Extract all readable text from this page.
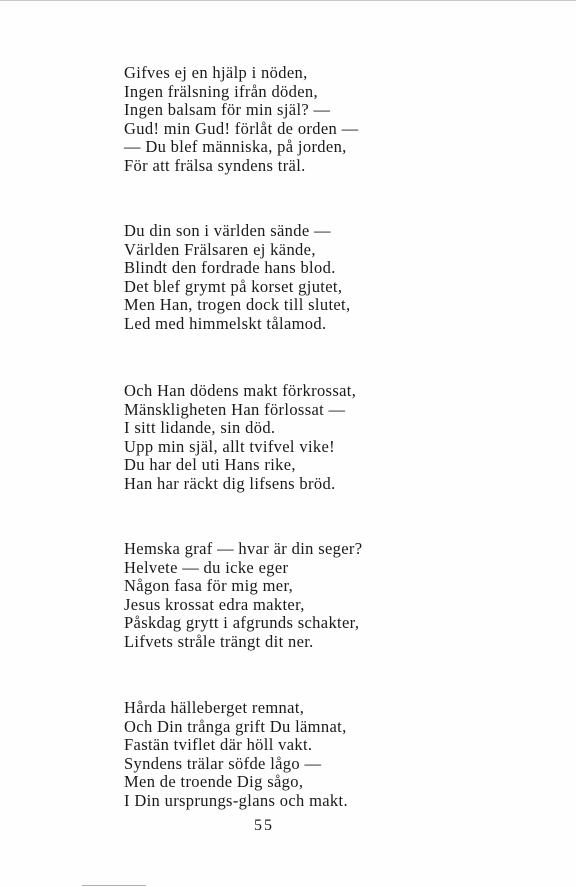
Gifves ej en hjälp i nöden,
Ingen frälsning ifrån döden,
Ingen balsam för min själ? —
Gud! min Gud! förlåt de orden —
— Du blef människa, på jorden,
För att frälsa syndens träl.
Du din son i världen sände —
Världen Frälsaren ej kände,
Blindt den fordrade hans blod.
Det blef grymt på korset gjutet,
Men Han, trogen dock till slutet,
Led med himmelskt tålamod.
Och Han dödens makt förkrossat,
Mänskligheten Han förlossat —
I sitt lidande, sin död.
Upp min själ, allt tvifvel vike!
Du har del uti Hans rike,
Han har räckt dig lifsens bröd.
Hemska graf — hvar är din seger?
Helvete — du icke eger
Någon fasa för mig mer,
Jesus krossat edra makter,
Påskdag grytt i afgrunds schakter,
Lifvets stråle trängt dit ner.
Hårda hälleberget remnat,
Och Din trånga grift Du lämnat,
Fastän tviflet där höll vakt.
Syndens trälar söfde lågo —
Men de troende Dig sågo,
I Din ursprungs-glans och makt.
55
